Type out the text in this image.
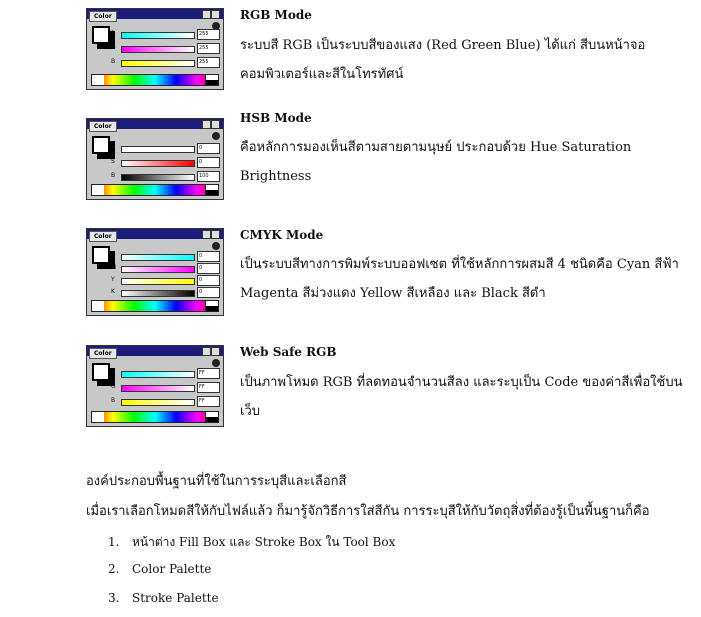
Color
R	255
G	255
B	255
RGB Mode
ระบบสี RGB เป็นระบบสีของแสง (Red Green Blue) ได้แก่ สีบนหน้าจอ คอมพิวเตอร์และสีในโทรทัศน์
Color
H	0
S	0
B	100
HSB Mode
คือหลักการมองเห็นสีตามสายตามนุษย์ ประกอบด้วย Hue Saturation Brightness
Color
C	0
M	0
Y	0
K	0
CMYK Mode
เป็นระบบสีทางการพิมพ์ระบบออฟเซต ที่ใช้หลักการผสมสี 4 ชนิดคือ Cyan สีฟ้า Magenta สีม่วงแดง Yellow สีเหลือง และ Black สีดำ
Color
R	FF
G	FF
B	FF
Web Safe RGB
เป็นภาพโหมด RGB ที่ลดทอนจำนวนสีลง และระบุเป็น Code ของค่าสีเพื่อใช้บนเว็บ
องค์ประกอบพื้นฐานที่ใช้ในการระบุสีและเลือกสี
เมื่อเราเลือกโหมดสีให้กับไฟล์แล้ว ก็มารู้จักวิธีการใส่สีกัน การระบุสีให้กับวัตถุสิ่งที่ต้องรู้เป็นพื้นฐานก็คือ
1. หน้าต่าง Fill Box และ Stroke Box ใน Tool Box
2. Color Palette
3. Stroke Palette
